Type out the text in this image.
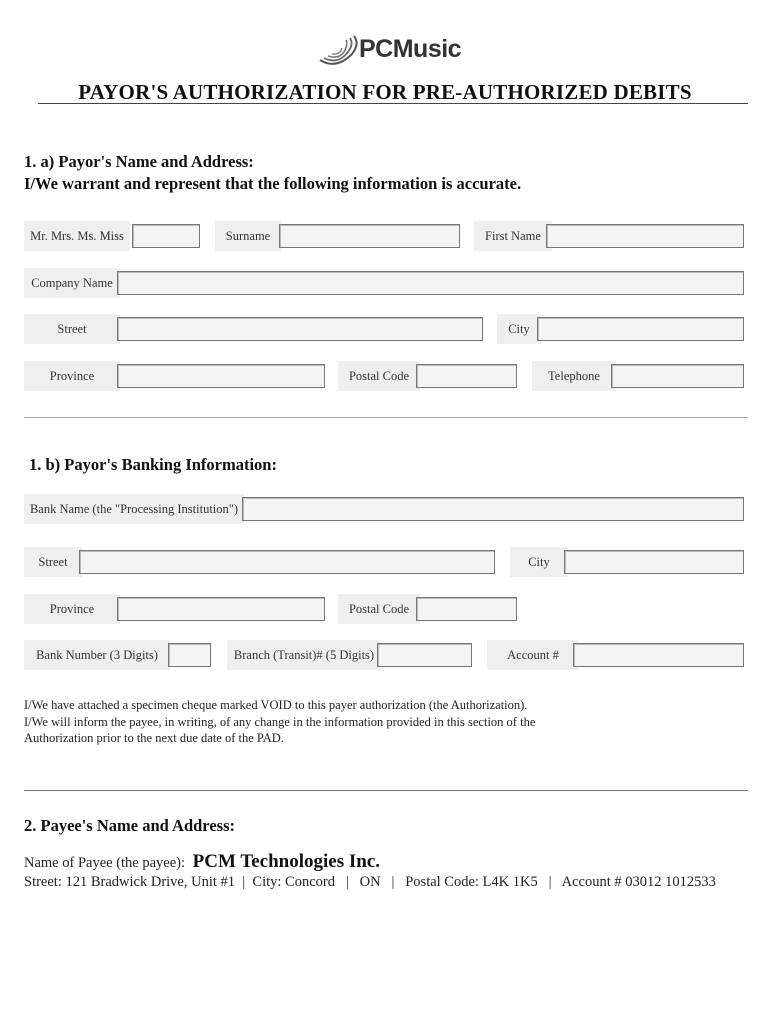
PCMusic
PAYOR'S AUTHORIZATION FOR PRE-AUTHORIZED DEBITS
1. a) Payor's Name and Address:
I/We warrant and represent that the following information is accurate.
Mr. Mrs. Ms. Miss	Surname	First Name
Company Name
Street	City
Province	Postal Code	Telephone
1. b) Payor's Banking Information:
Bank Name (the "Processing Institution")
Street	City
Province	Postal Code
Bank Number (3 Digits)	Branch (Transit)# (5 Digits)	Account #
I/We have attached a specimen cheque marked VOID to this payer authorization (the Authorization).
I/We will inform the payee, in writing, of any change in the information provided in this section of the
Authorization prior to the next due date of the PAD.
2. Payee's Name and Address:
Name of Payee (the payee): PCM Technologies Inc.
Street: 121 Bradwick Drive, Unit #1  |  City: Concord   |   ON   |   Postal Code: L4K 1K5   |   Account # 03012 1012533
